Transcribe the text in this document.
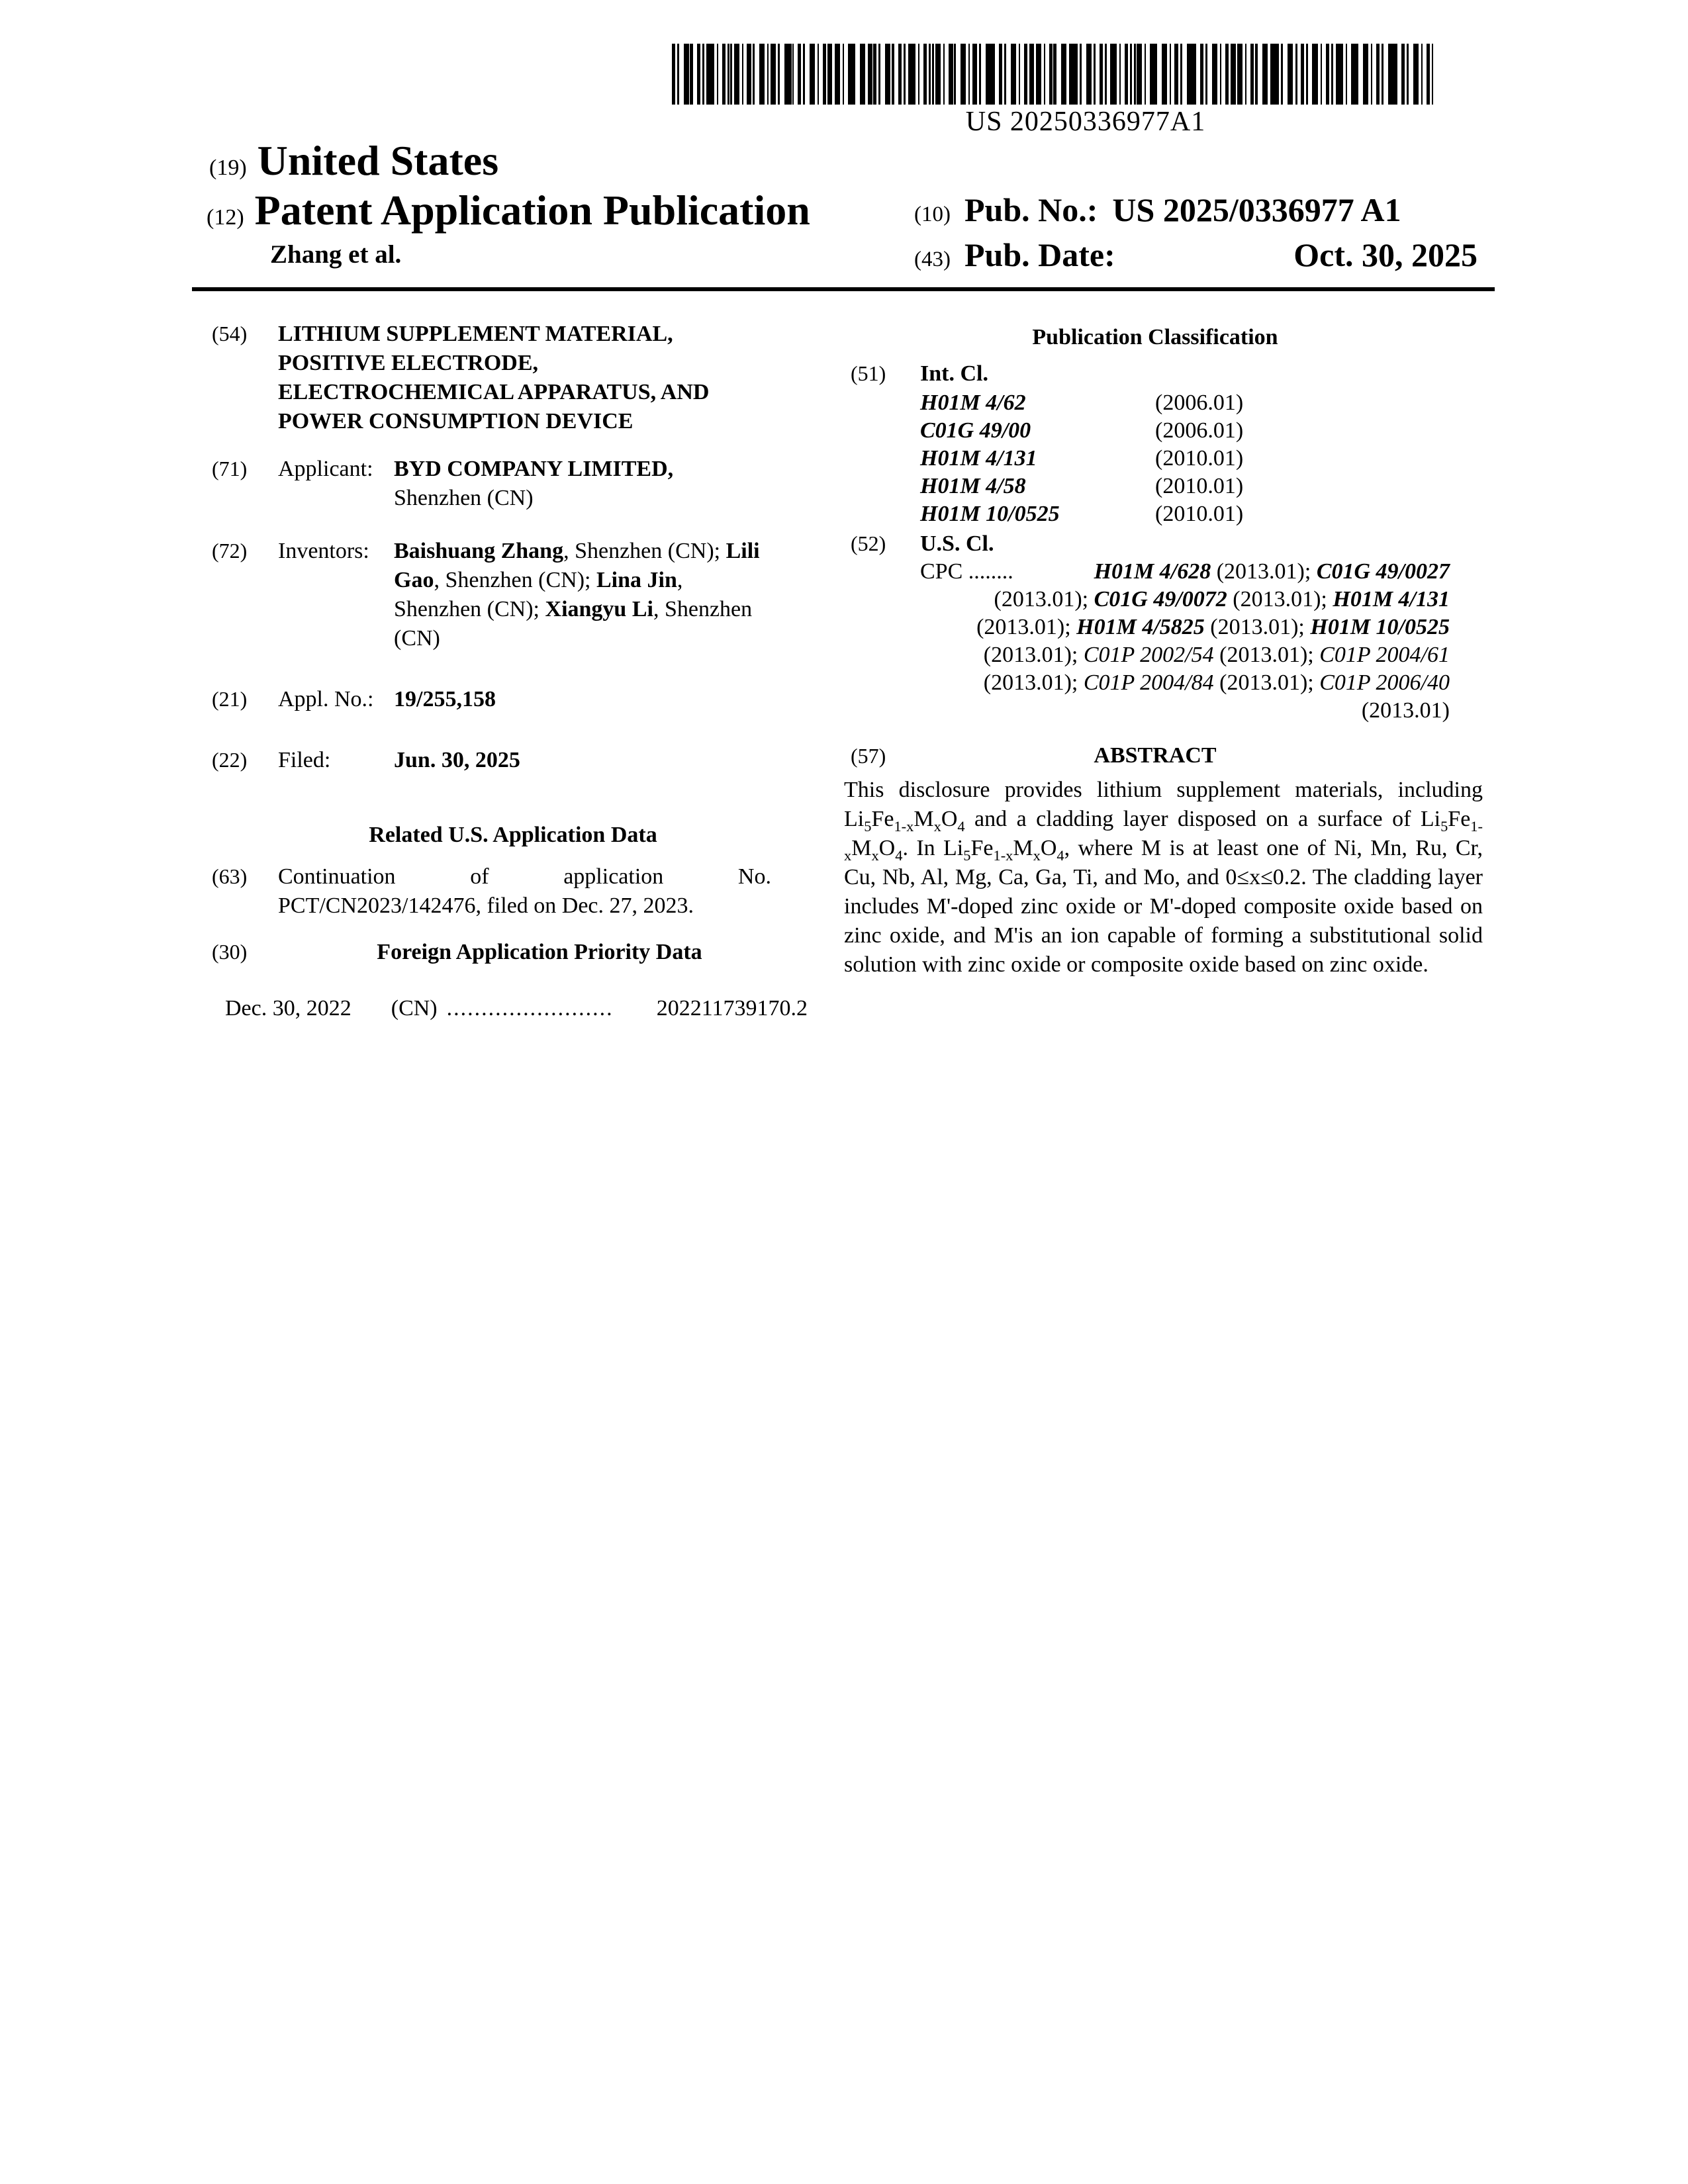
US 20250336977A1
(19) United States
(12) Patent Application Publication
Zhang et al.
(10) Pub. No.: US 2025/0336977 A1
(43) Pub. Date:	Oct. 30, 2025
(54)	LITHIUM SUPPLEMENT MATERIAL,
POSITIVE ELECTRODE,
ELECTROCHEMICAL APPARATUS, AND
POWER CONSUMPTION DEVICE
(71)	Applicant: BYD COMPANY LIMITED,
Shenzhen (CN)
(72)	Inventors:	Baishuang Zhang, Shenzhen (CN); Lili
Gao, Shenzhen (CN); Lina Jin,
Shenzhen (CN); Xiangyu Li, Shenzhen
(CN)
(21)	Appl. No.: 19/255,158
(22)	Filed:	Jun. 30, 2025
Related U.S. Application Data
(63)	Continuation of application No. PCT/CN2023/142476, filed on Dec. 27, 2023.
(30)	Foreign Application Priority Data
Dec. 30, 2022 (CN) ........................	202211739170.2
Publication Classification
(51)	Int. Cl.
H01M 4/62	(2006.01)
C01G 49/00	(2006.01)
H01M 4/131	(2010.01)
H01M 4/58	(2010.01)
H01M 10/0525	(2010.01)
(52)	U.S. Cl.
CPC ........	H01M 4/628 (2013.01); C01G 49/0027 (2013.01); C01G 49/0072 (2013.01); H01M 4/131 (2013.01); H01M 4/5825 (2013.01); H01M 10/0525 (2013.01); C01P 2002/54 (2013.01); C01P 2004/61 (2013.01); C01P 2004/84 (2013.01); C01P 2006/40 (2013.01)
(57)	ABSTRACT
This disclosure provides lithium supplement materials, including $Li_5Fe_{1-x}M_xO_4$ and a cladding layer disposed on a surface of $Li_5Fe_{1-x}M_xO_4$. In $Li_5Fe_{1-x}M_xO_4$, where M is at least one of Ni, Mn, Ru, Cr, Cu, Nb, Al, Mg, Ca, Ga, Ti, and Mo, and 0≤x≤0.2. The cladding layer includes M'-doped zinc oxide or M'-doped composite oxide based on zinc oxide, and M'is an ion capable of forming a substitutional solid solution with zinc oxide or composite oxide based on zinc oxide.
